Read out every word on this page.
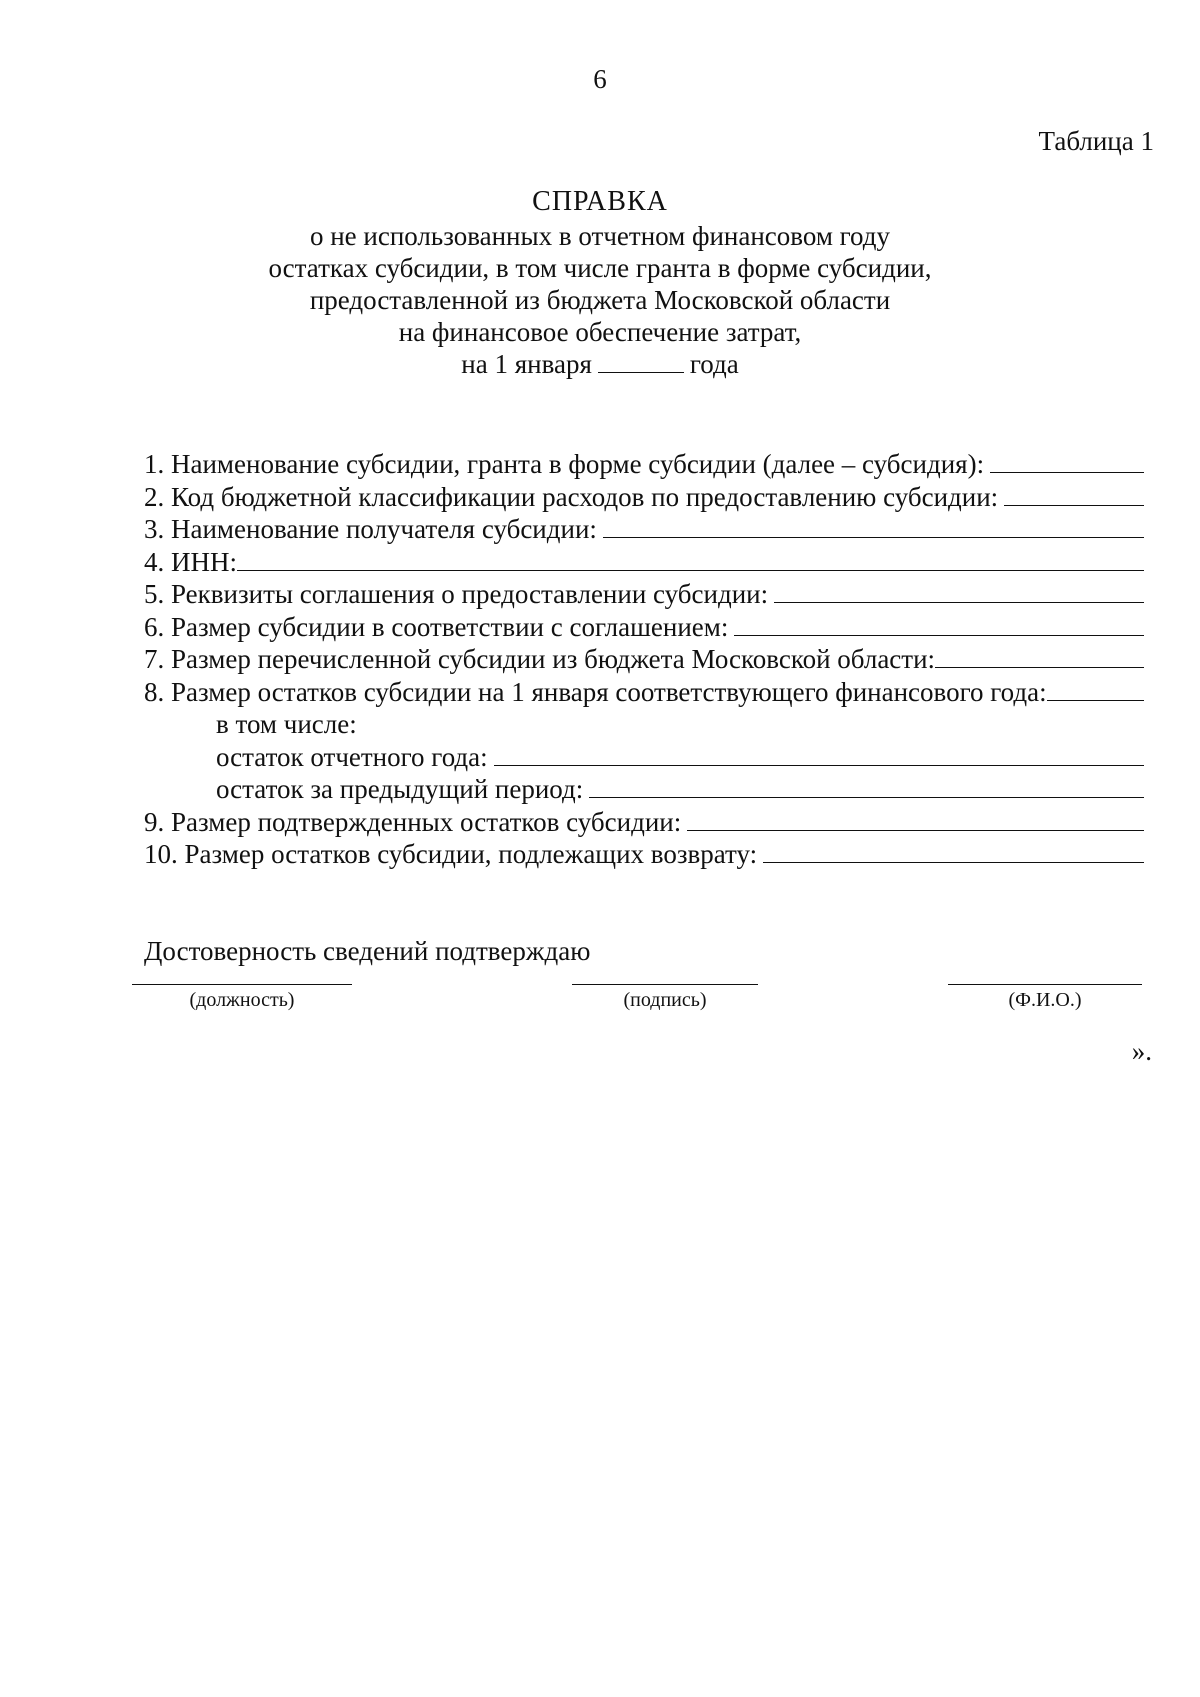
6
Таблица 1
СПРАВКА
о не использованных в отчетном финансовом году
остатках субсидии, в том числе гранта в форме субсидии,
предоставленной из бюджета Московской области
на финансовое обеспечение затрат,
на 1 января	года
1. Наименование субсидии, гранта в форме субсидии (далее – субсидия):
2. Код бюджетной классификации расходов по предоставлению субсидии:
3. Наименование получателя субсидии:
4. ИНН:
5. Реквизиты соглашения о предоставлении субсидии:
6. Размер субсидии в соответствии с соглашением:
7. Размер перечисленной субсидии из бюджета Московской области:
8. Размер остатков субсидии на 1 января соответствующего финансового года:
в том числе:
остаток отчетного года:
остаток за предыдущий период:
9. Размер подтвержденных остатков субсидии:
10. Размер остатков субсидии, подлежащих возврату:
Достоверность сведений подтверждаю
(должность)	(подпись)	(Ф.И.О.)
».
